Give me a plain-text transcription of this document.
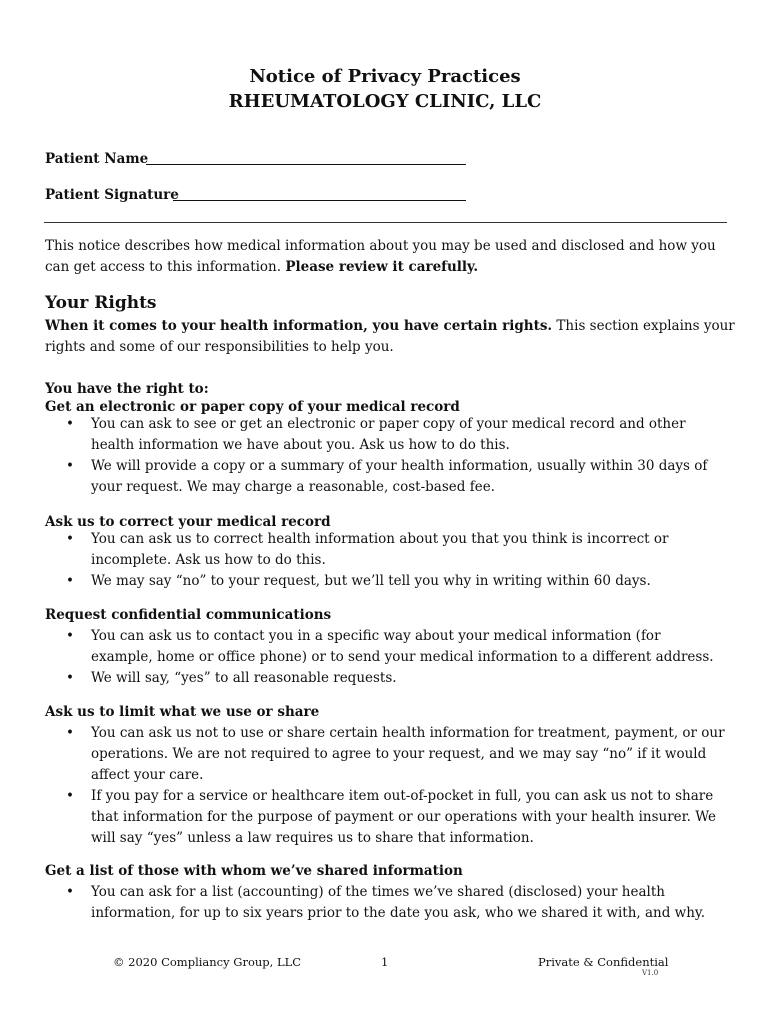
Notice of Privacy Practices
RHEUMATOLOGY CLINIC, LLC
Patient Name
Patient Signature
This notice describes how medical information about you may be used and disclosed and how you can get access to this information. Please review it carefully.
Your Rights
When it comes to your health information, you have certain rights. This section explains your rights and some of our responsibilities to help you.
You have the right to:
Get an electronic or paper copy of your medical record
•	You can ask to see or get an electronic or paper copy of your medical record and other health information we have about you. Ask us how to do this.
•	We will provide a copy or a summary of your health information, usually within 30 days of your request. We may charge a reasonable, cost-based fee.
Ask us to correct your medical record
•	You can ask us to correct health information about you that you think is incorrect or incomplete. Ask us how to do this.
•	We may say “no” to your request, but we’ll tell you why in writing within 60 days.
Request confidential communications
•	You can ask us to contact you in a specific way about your medical information (for example, home or office phone) or to send your medical information to a different address.
•	We will say, “yes” to all reasonable requests.
Ask us to limit what we use or share
•	You can ask us not to use or share certain health information for treatment, payment, or our operations. We are not required to agree to your request, and we may say “no” if it would affect your care.
•	If you pay for a service or healthcare item out-of-pocket in full, you can ask us not to share that information for the purpose of payment or our operations with your health insurer. We will say “yes” unless a law requires us to share that information.
Get a list of those with whom we’ve shared information
•	You can ask for a list (accounting) of the times we’ve shared (disclosed) your health information, for up to six years prior to the date you ask, who we shared it with, and why.
© 2020 Compliancy Group, LLC	1	Private & Confidential
V1.0
